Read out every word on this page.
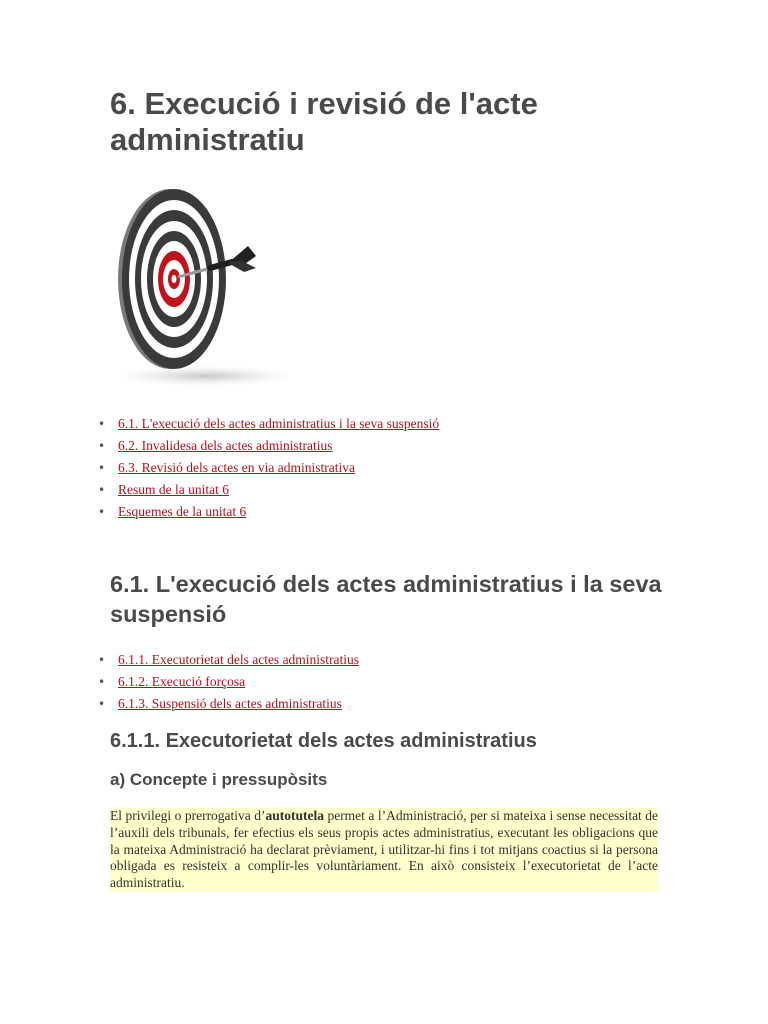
6. Execució i revisió de l'acte administratiu
• 6.1. L'execució dels actes administratius i la seva suspensió
• 6.2. Invalidesa dels actes administratius
• 6.3. Revisió dels actes en via administrativa
• Resum de la unitat 6
• Esquemes de la unitat 6
6.1. L'execució dels actes administratius i la seva suspensió
• 6.1.1. Executorietat dels actes administratius
• 6.1.2. Execució forçosa
• 6.1.3. Suspensió dels actes administratius
6.1.1. Executorietat dels actes administratius
a) Concepte i pressupòsits

El privilegi o prerrogativa d’autotutela permet a l’Administració, per si mateixa i sense necessitat de l’auxili dels tribunals, fer efectius els seus propis actes administratius, executant les obligacions que la mateixa Administració ha declarat prèviament, i utilitzar-hi fins i tot mitjans coactius si la persona obligada es resisteix a complir-les voluntàriament. En això consisteix l’executorietat de l’acte administratiu.
